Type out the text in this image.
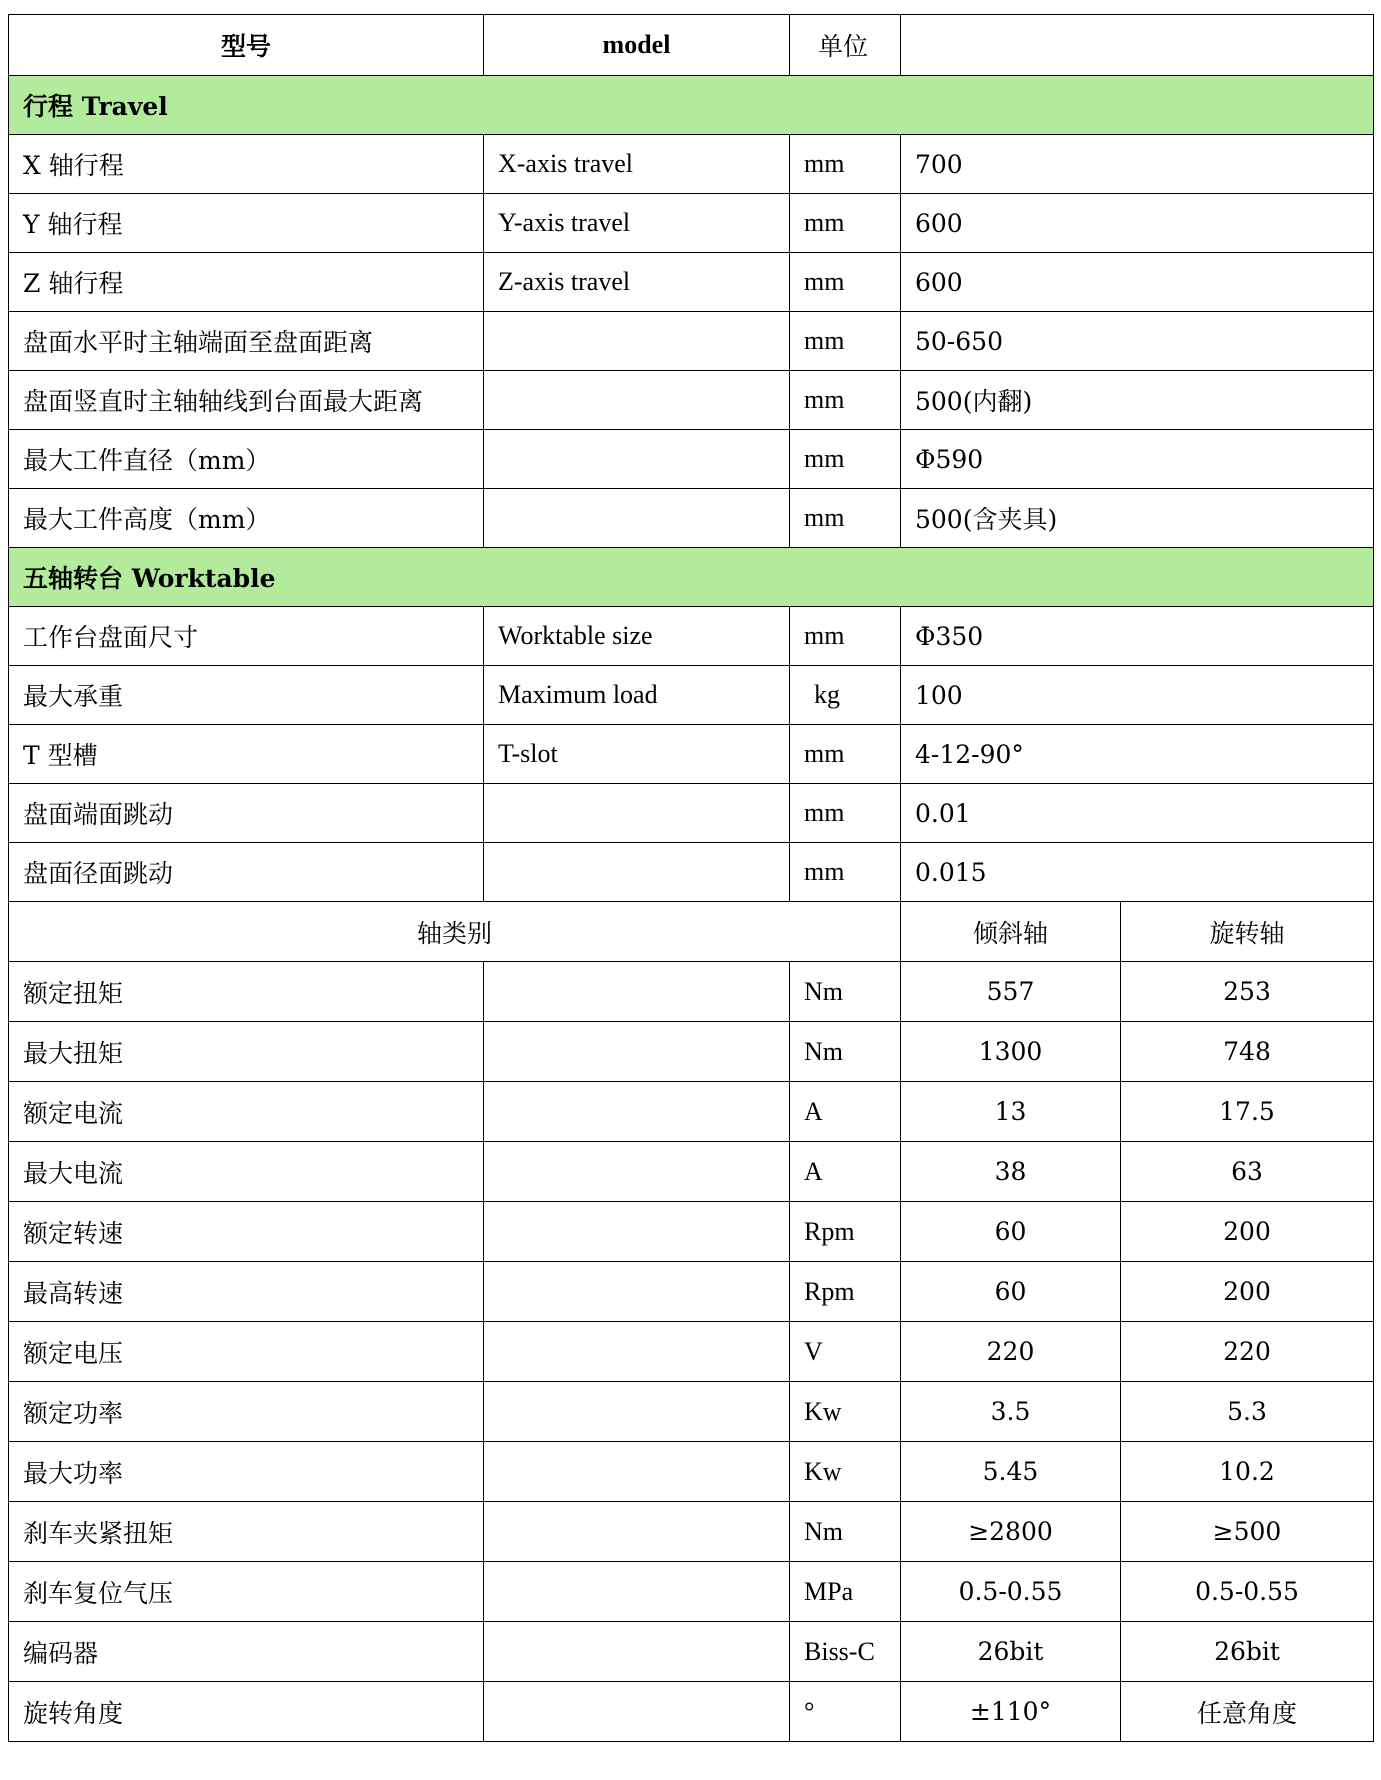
型号	model	单位		
行程 Travel				
X 轴行程	X-axis travel	mm	700	
Y 轴行程	Y-axis travel	mm	600	
Z 轴行程	Z-axis travel	mm	600	
盘面水平时主轴端面至盘面距离		mm	50-650	
盘面竖直时主轴轴线到台面最大距离		mm	500(内翻)	
最大工件直径（mm）		mm	Φ590	
最大工件高度（mm）		mm	500(含夹具)	
五轴转台 Worktable				
工作台盘面尺寸	Worktable size	mm	Φ350	
最大承重	Maximum load	kg	100	
T 型槽	T-slot	mm	4-12-90°	
盘面端面跳动		mm	0.01	
盘面径面跳动		mm	0.015	
轴类别			倾斜轴	旋转轴
额定扭矩		Nm	557	253
最大扭矩		Nm	1300	748
额定电流		A	13	17.5
最大电流		A	38	63
额定转速		Rpm	60	200
最高转速		Rpm	60	200
额定电压		V	220	220
额定功率		Kw	3.5	5.3
最大功率		Kw	5.45	10.2
刹车夹紧扭矩		Nm	≥2800	≥500
刹车复位气压		MPa	0.5-0.55	0.5-0.55
编码器		Biss-C	26bit	26bit
旋转角度		°	±110°	任意角度
